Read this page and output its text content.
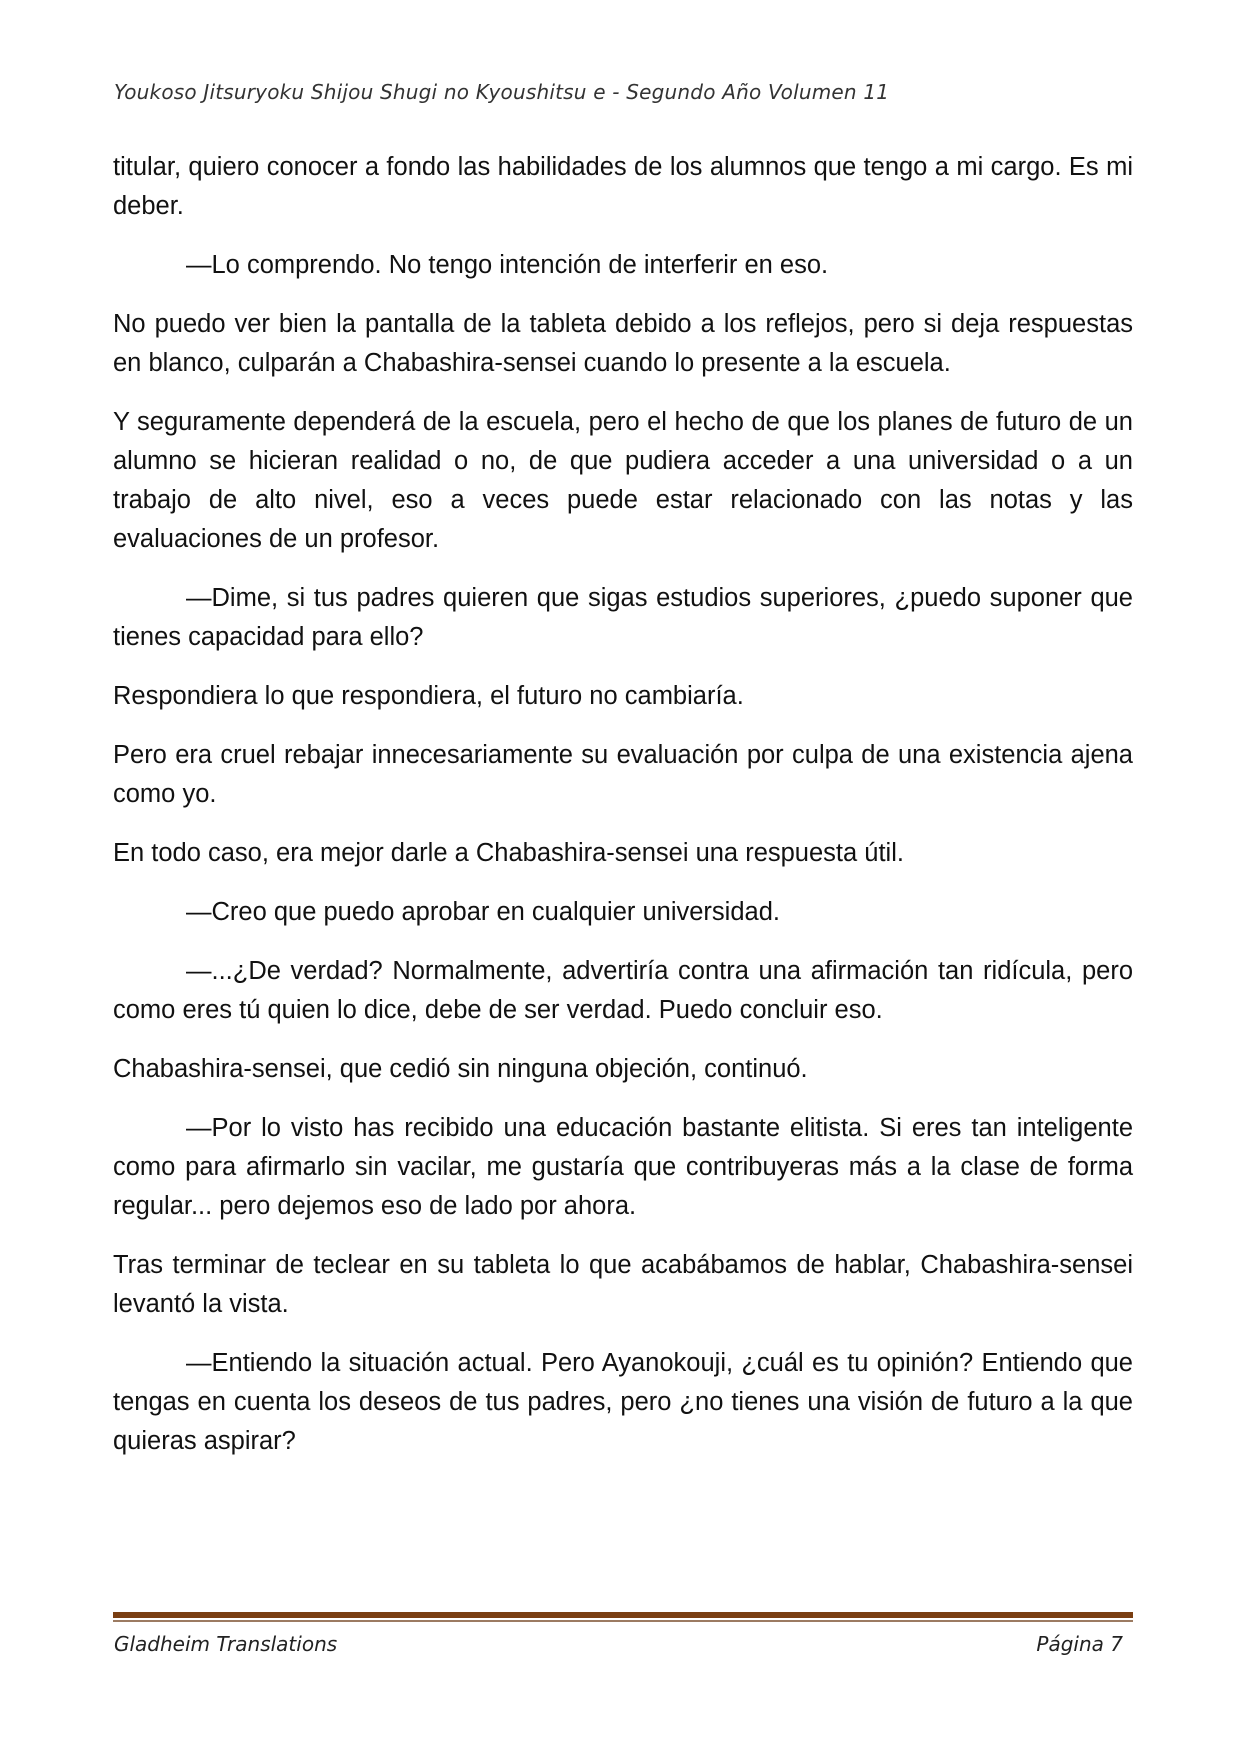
Youkoso Jitsuryoku Shijou Shugi no Kyoushitsu e - Segundo Año Volumen 11

titular, quiero conocer a fondo las habilidades de los alumnos que tengo a mi cargo. Es mi deber.

—Lo comprendo. No tengo intención de interferir en eso.

No puedo ver bien la pantalla de la tableta debido a los reflejos, pero si deja respuestas en blanco, culparán a Chabashira-sensei cuando lo presente a la escuela.

Y seguramente dependerá de la escuela, pero el hecho de que los planes de futuro de un alumno se hicieran realidad o no, de que pudiera acceder a una universidad o a un trabajo de alto nivel, eso a veces puede estar relacionado con las notas y las evaluaciones de un profesor.

—Dime, si tus padres quieren que sigas estudios superiores, ¿puedo suponer que tienes capacidad para ello?

Respondiera lo que respondiera, el futuro no cambiaría.

Pero era cruel rebajar innecesariamente su evaluación por culpa de una existencia ajena como yo.

En todo caso, era mejor darle a Chabashira-sensei una respuesta útil.

—Creo que puedo aprobar en cualquier universidad.

—...¿De verdad? Normalmente, advertiría contra una afirmación tan ridícula, pero como eres tú quien lo dice, debe de ser verdad. Puedo concluir eso.

Chabashira-sensei, que cedió sin ninguna objeción, continuó.

—Por lo visto has recibido una educación bastante elitista. Si eres tan inteligente como para afirmarlo sin vacilar, me gustaría que contribuyeras más a la clase de forma regular... pero dejemos eso de lado por ahora.

Tras terminar de teclear en su tableta lo que acabábamos de hablar, Chabashira-sensei levantó la vista.

—Entiendo la situación actual. Pero Ayanokouji, ¿cuál es tu opinión? Entiendo que tengas en cuenta los deseos de tus padres, pero ¿no tienes una visión de futuro a la que quieras aspirar?

Gladheim Translations	Página 7
